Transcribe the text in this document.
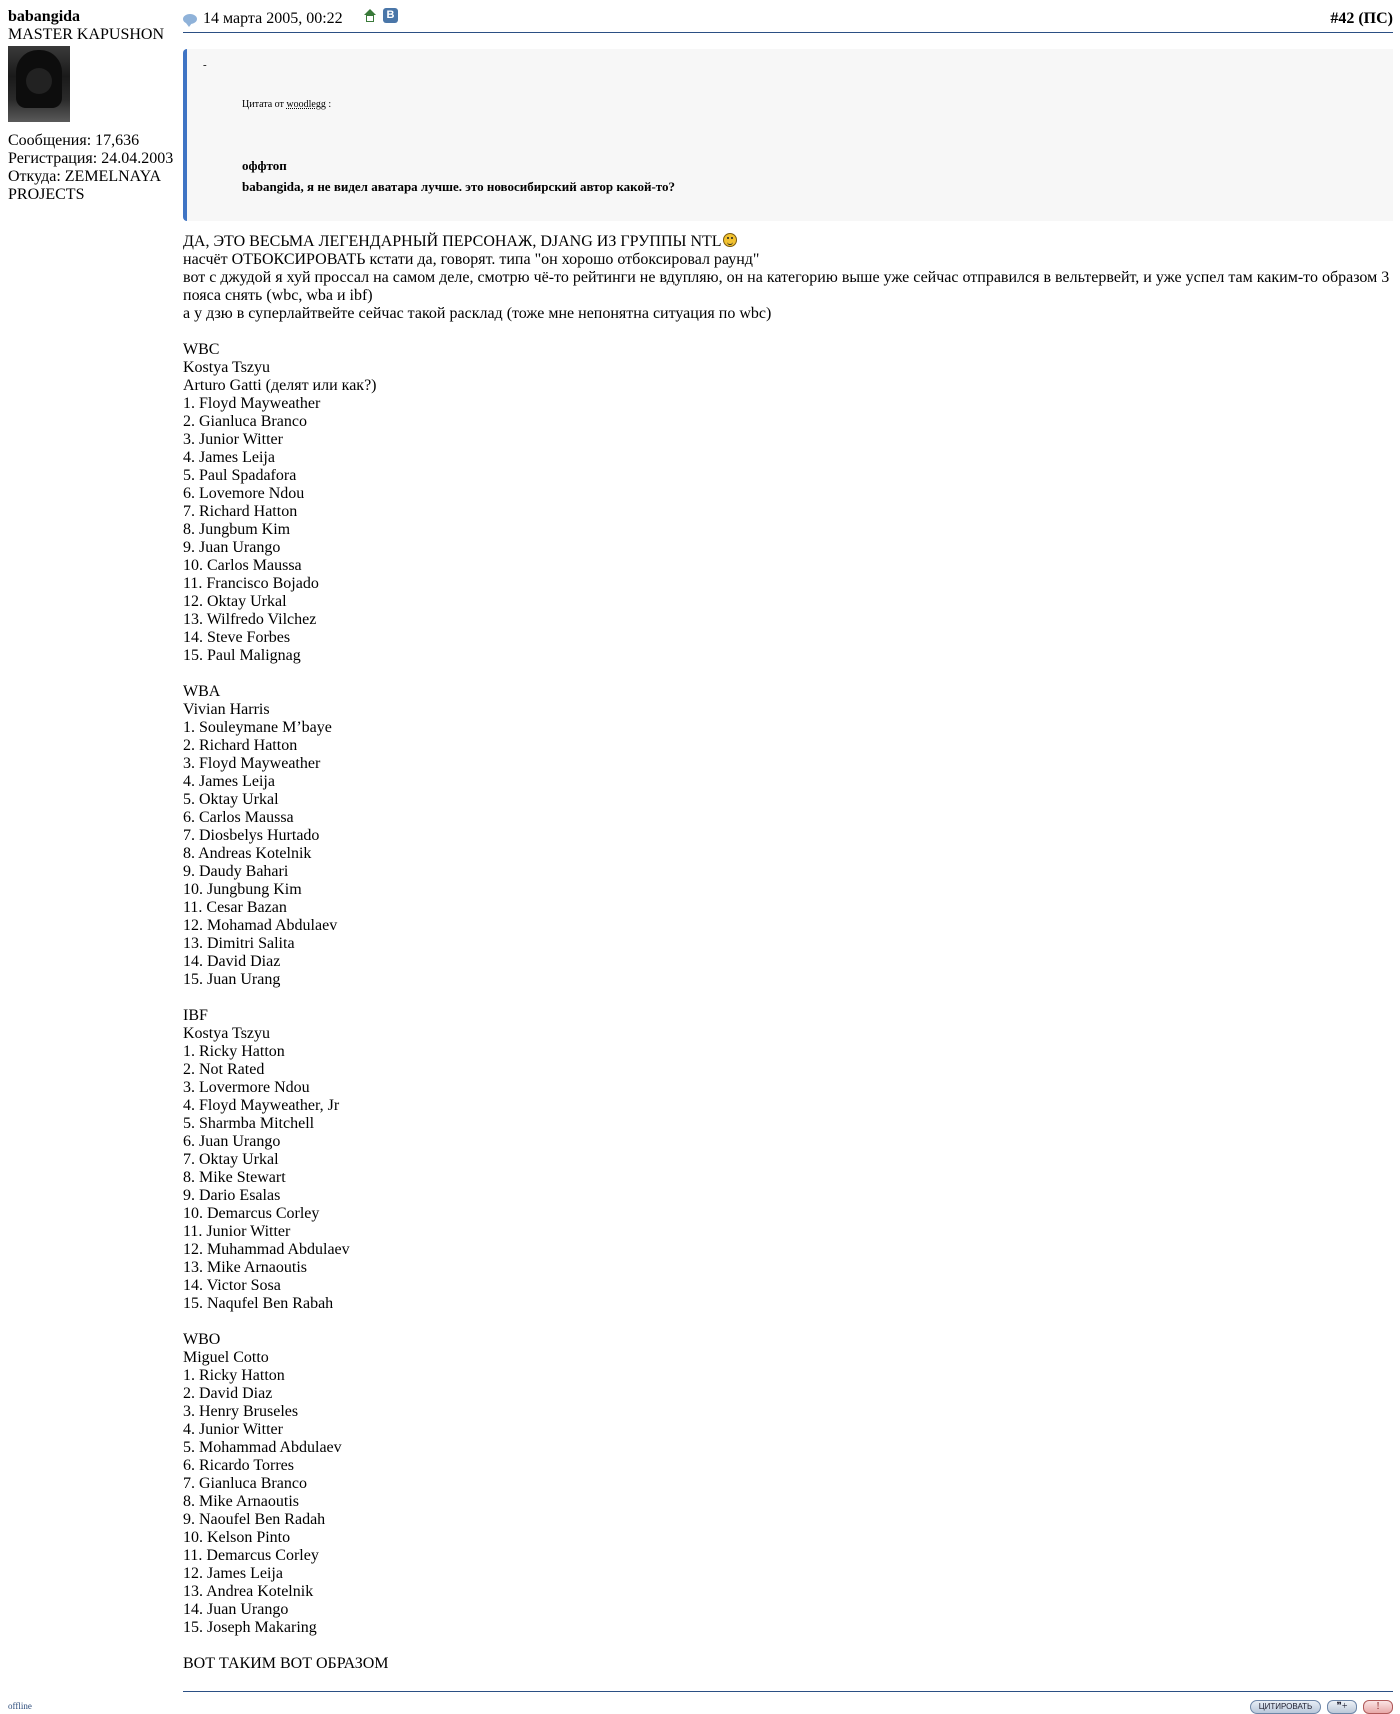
babangida
MASTER KAPUSHON
Сообщения: 17,636
Регистрация: 24.04.2003
Откуда: ZEMELNAYA
PROJECTS
offline
14 марта 2005, 00:22	В	#42 (ПС)
-
Цитата от woodlegg :
оффтоп
babangida, я не видел аватара лучше. это новосибирский автор какой-то?

ДА, ЭТО ВЕСЬМА ЛЕГЕНДАРНЫЙ ПЕРСОНАЖ, DJANG ИЗ ГРУППЫ NTL

насчёт ОТБОКСИРОВАТЬ кстати да, говорят. типа "он хорошо отбоксировал раунд"

вот с джудой я хуй проссал на самом деле, смотрю чё-то рейтинги не вдупляю, он на категорию выше уже сейчас отправился в вельтервейт, и уже успел там каким-то образом 3

пояса снять (wbc, wba и ibf)

а у дзю в суперлайтвейте сейчас такой расклад (тоже мне непонятна ситуация по wbc)

WBC

Kostya Tszyu

Arturo Gatti (делят или как?)

1. Floyd Mayweather

2. Gianluca Branco

3. Junior Witter

4. James Leija

5. Paul Spadafora

6. Lovemore Ndou

7. Richard Hatton

8. Jungbum Kim

9. Juan Urango

10. Carlos Maussa

11. Francisco Bojado

12. Oktay Urkal

13. Wilfredo Vilchez

14. Steve Forbes

15. Paul Malignag

WBA

Vivian Harris

1. Souleymane M’baye

2. Richard Hatton

3. Floyd Mayweather

4. James Leija

5. Oktay Urkal

6. Carlos Maussa

7. Diosbelys Hurtado

8. Andreas Kotelnik

9. Daudy Bahari

10. Jungbung Kim

11. Cesar Bazan

12. Mohamad Abdulaev

13. Dimitri Salita

14. David Diaz

15. Juan Urang

IBF

Kostya Tszyu

1. Ricky Hatton

2. Not Rated

3. Lovermore Ndou

4. Floyd Mayweather, Jr

5. Sharmba Mitchell

6. Juan Urango

7. Oktay Urkal

8. Mike Stewart

9. Dario Esalas

10. Demarcus Corley

11. Junior Witter

12. Muhammad Abdulaev

13. Mike Arnaoutis

14. Victor Sosa

15. Naqufel Ben Rabah

WBO

Miguel Cotto

1. Ricky Hatton

2. David Diaz

3. Henry Bruseles

4. Junior Witter

5. Mohammad Abdulaev

6. Ricardo Torres

7. Gianluca Branco

8. Mike Arnaoutis

9. Naoufel Ben Radah

10. Kelson Pinto

11. Demarcus Corley

12. James Leija

13. Andrea Kotelnik

14. Juan Urango

15. Joseph Makaring

ВОТ ТАКИМ ВОТ ОБРАЗОМ

ЦИТИРОВАТЬ	❞+	!
